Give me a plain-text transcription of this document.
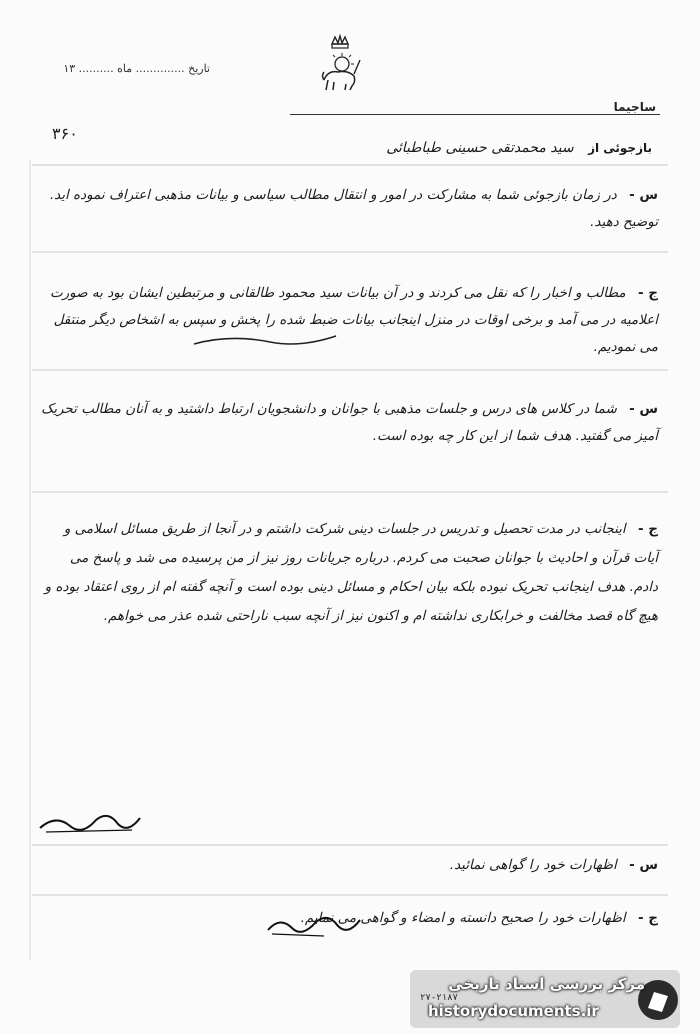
تاریخ .............. ماه .......... ۱۳
ساجيما
۳۶۰
بازجوئی از سید محمدتقی حسینی طباطبائی
س - در زمان بازجوئی شما به مشارکت در امور و انتقال مطالب سیاسی و بیانات مذهبی اعتراف نموده اید. توضیح دهید.
ج - مطالب و اخبار را که نقل می کردند و در آن بیانات سید محمود طالقانی و مرتبطین ایشان بود به صورت اعلامیه در می آمد و برخی اوقات در منزل اینجانب بیانات ضبط شده را پخش و سپس به اشخاص دیگر منتقل می نمودیم.
س - شما در کلاس های درس و جلسات مذهبی با جوانان و دانشجویان ارتباط داشتید و به آنان مطالب تحریک آمیز می گفتید. هدف شما از این کار چه بوده است.
ج - اینجانب در مدت تحصیل و تدریس در جلسات دینی شرکت داشتم و در آنجا از طریق مسائل اسلامی و آیات قرآن و احادیث با جوانان صحبت می کردم. درباره جریانات روز نیز از من پرسیده می شد و پاسخ می دادم. هدف اینجانب تحریک نبوده بلکه بیان احکام و مسائل دینی بوده است و آنچه گفته ام از روی اعتقاد بوده و هیچ گاه قصد مخالفت و خرابکاری نداشته ام و اکنون نیز از آنچه سبب ناراحتی شده عذر می خواهم.
س - اظهارات خود را گواهی نمائید.
ج - اظهارات خود را صحیح دانسته و امضاء و گواهی می نمایم.
مرکز بررسی اسناد تاریخی
historydocuments.ir
۲۷-۲۱۸۷
